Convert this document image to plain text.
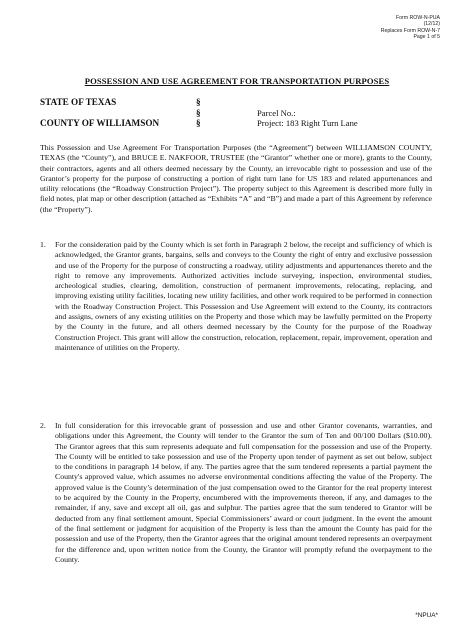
Form ROW-N-PUA
(12/12)
Replaces Form ROW-N-7
Page 1 of 5
POSSESSION AND USE AGREEMENT FOR TRANSPORTATION PURPOSES
STATE OF TEXAS	§
§
§
Parcel No.:
COUNTY OF WILLIAMSON	Project: 183 Right Turn Lane
This Possession and Use Agreement For Transportation Purposes (the “Agreement”) between WILLIAMSON COUNTY, TEXAS (the “County”), and BRUCE E. NAKFOOR, TRUSTEE (the “Grantor” whether one or more), grants to the County, their contractors, agents and all others deemed necessary by the County, an irrevocable right to possession and use of the Grantor’s property for the purpose of constructing a portion of right turn lane for US 183 and related appurtenances and utility relocations (the “Roadway Construction Project”). The property subject to this Agreement is described more fully in field notes, plat map or other description (attached as “Exhibits “A” and “B”) and made a part of this Agreement by reference (the “Property”).
1. For the consideration paid by the County which is set forth in Paragraph 2 below, the receipt and sufficiency of which is acknowledged, the Grantor grants, bargains, sells and conveys to the County the right of entry and exclusive possession and use of the Property for the purpose of constructing a roadway, utility adjustments and appurtenances thereto and the right to remove any improvements. Authorized activities include surveying, inspection, environmental studies, archeological studies, clearing, demolition, construction of permanent improvements, relocating, replacing, and improving existing utility facilities, locating new utility facilities, and other work required to be performed in connection with the Roadway Construction Project. This Possession and Use Agreement will extend to the County, its contractors and assigns, owners of any existing utilities on the Property and those which may be lawfully permitted on the Property by the County in the future, and all others deemed necessary by the County for the purpose of the Roadway Construction Project. This grant will allow the construction, relocation, replacement, repair, improvement, operation and maintenance of utilities on the Property.
2. In full consideration for this irrevocable grant of possession and use and other Grantor covenants, warranties, and obligations under this Agreement, the County will tender to the Grantor the sum of Ten and 00/100 Dollars ($10.00). The Grantor agrees that this sum represents adequate and full compensation for the possession and use of the Property. The County will be entitled to take possession and use of the Property upon tender of payment as set out below, subject to the conditions in paragraph 14 below, if any. The parties agree that the sum tendered represents a partial payment the County's approved value, which assumes no adverse environmental conditions affecting the value of the Property. The approved value is the County’s determination of the just compensation owed to the Grantor for the real property interest to be acquired by the County in the Property, encumbered with the improvements thereon, if any, and damages to the remainder, if any, save and except all oil, gas and sulphur. The parties agree that the sum tendered to Grantor will be deducted from any final settlement amount, Special Commissioners’ award or court judgment. In the event the amount of the final settlement or judgment for acquisition of the Property is less than the amount the County has paid for the possession and use of the Property, then the Grantor agrees that the original amount tendered represents an overpayment for the difference and, upon written notice from the County, the Grantor will promptly refund the overpayment to the County.
*NPUA*
